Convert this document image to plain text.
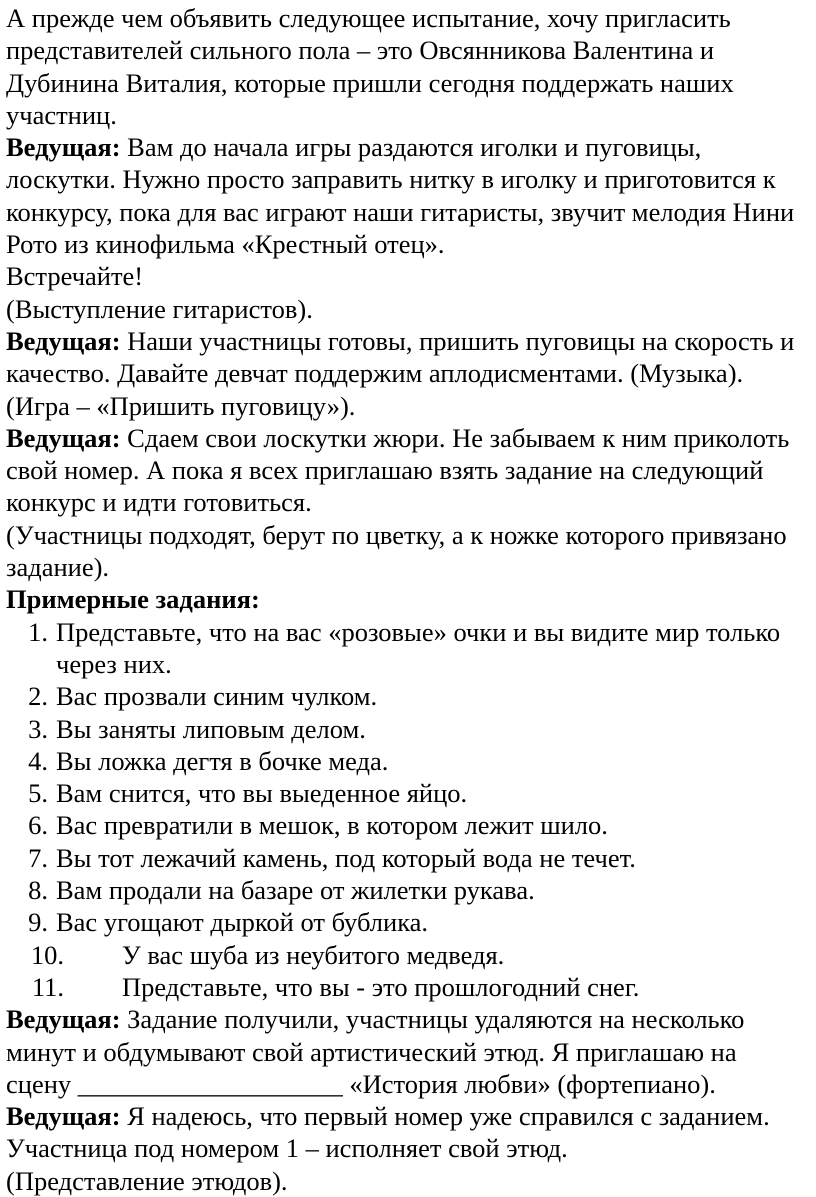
А прежде чем объявить следующее испытание, хочу пригласить представителей сильного пола – это Овсянникова Валентина и Дубинина Виталия, которые пришли сегодня поддержать наших участниц.

Ведущая: Вам до начала игры раздаются иголки и пуговицы, лоскутки. Нужно просто заправить нитку в иголку и приготовится к конкурсу, пока для вас играют наши гитаристы, звучит мелодия Нини Рото из кинофильма «Крестный отец».

Встречайте!

(Выступление гитаристов).

Ведущая: Наши участницы готовы, пришить пуговицы на скорость и качество. Давайте девчат поддержим аплодисментами. (Музыка).

(Игра – «Пришить пуговицу»).

Ведущая: Сдаем свои лоскутки жюри. Не забываем к ним приколоть свой номер. А пока я всех приглашаю взять задание на следующий конкурс и идти готовиться.

(Участницы подходят, берут по цветку, а к ножке которого привязано задание).

Примерные задания:

1. Представьте, что на вас «розовые» очки и вы видите мир только через них.
2. Вас прозвали синим чулком.
3. Вы заняты липовым делом.
4. Вы ложка дегтя в бочке меда.
5. Вам снится, что вы выеденное яйцо.
6. Вас превратили в мешок, в котором лежит шило.
7. Вы тот лежачий камень, под который вода не течет.
8. Вам продали на базаре от жилетки рукава.
9. Вас угощают дыркой от бублика.
10.	У вас шуба из неубитого медведя.
11.	Представьте, что вы - это прошлогодний снег.

Ведущая: Задание получили, участницы удаляются на несколько минут и обдумывают свой артистический этюд. Я приглашаю на сцену ____________________ «История любви» (фортепиано).

Ведущая: Я надеюсь, что первый номер уже справился с заданием. Участница под номером 1 – исполняет свой этюд.

(Представление этюдов).
